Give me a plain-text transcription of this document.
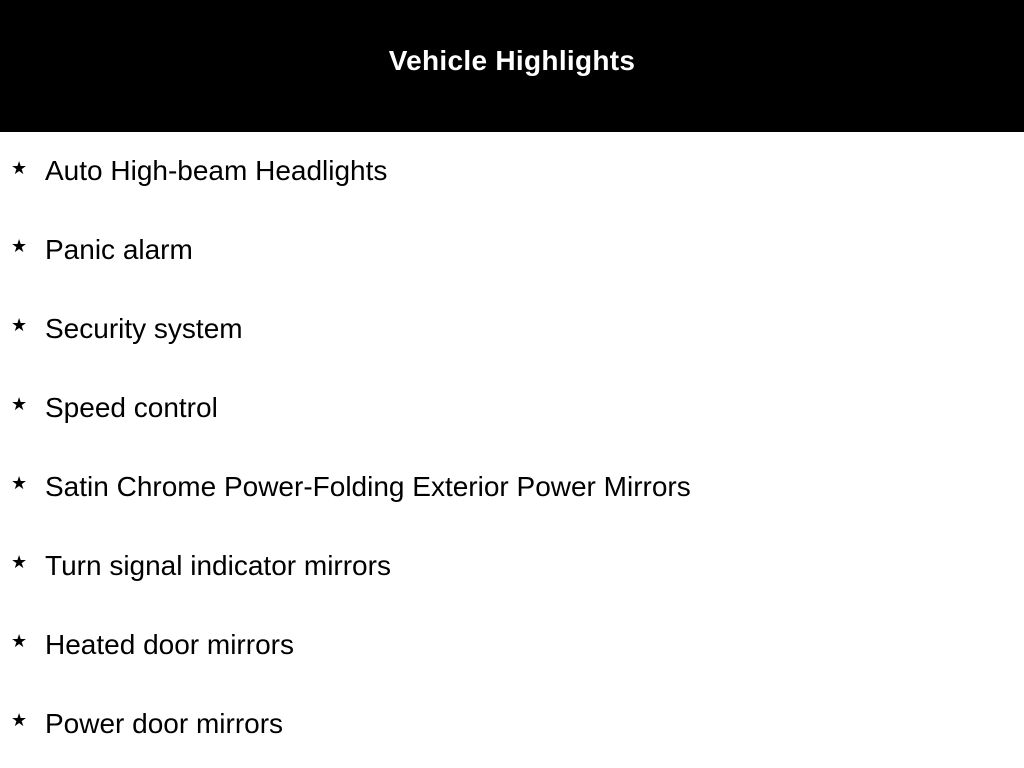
Vehicle Highlights
★ Auto High-beam Headlights
★ Panic alarm
★ Security system
★ Speed control
★ Satin Chrome Power-Folding Exterior Power Mirrors
★ Turn signal indicator mirrors
★ Heated door mirrors
★ Power door mirrors
